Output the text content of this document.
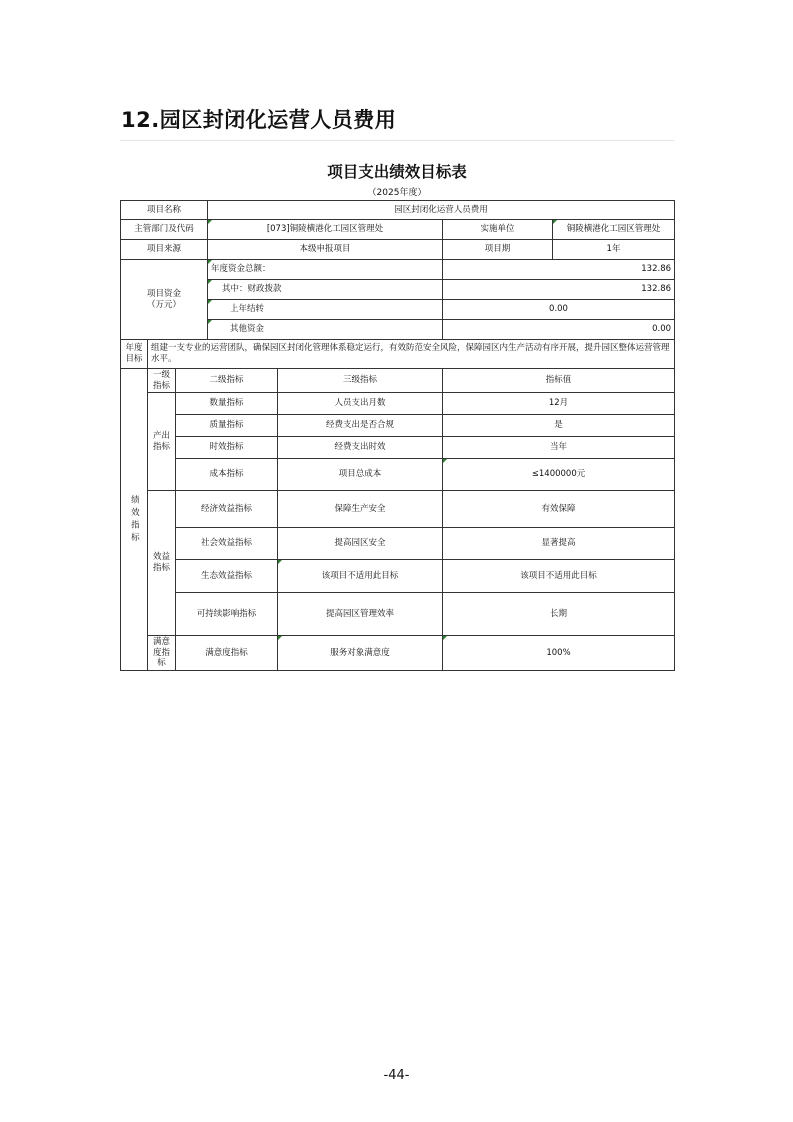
12.园区封闭化运营人员费用
项目支出绩效目标表
（2025年度）
项目名称			园区封闭化运营人员费用			
主管部门及代码			[073]铜陵横港化工园区管理处		实施单位	铜陵横港化工园区管理处
项目来源			本级申报项目		项目期	1年
项目资金
（万元）			年度资金总额：		132.86	
			其中：财政拨款		132.86	
			上年结转		0.00	
			其他资金		0.00	
年度目标	组建一支专业的运营团队，确保园区封闭化管理体系稳定运行，有效防范安全风险，保障园区内生产活动有序开展，提升园区整体运营管理水平。					
绩效指标	一级指标	二级指标		三级指标	指标值	
	产出指标	数量指标		人员支出月数	12月	
		质量指标		经费支出是否合规	是	
		时效指标		经费支出时效	当年	
		成本指标		项目总成本	≤1400000元	
	效益指标	经济效益指标		保障生产安全	有效保障	
		社会效益指标		提高园区安全	显著提高	
		生态效益指标		该项目不适用此目标	该项目不适用此目标	
		可持续影响指标		提高园区管理效率	长期	
	满意度指标	满意度指标		服务对象满意度	100%	
-44-
